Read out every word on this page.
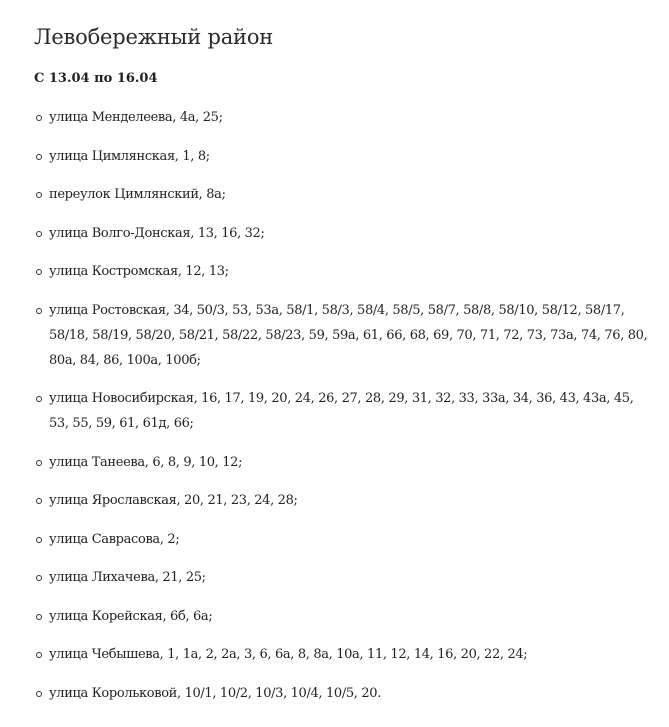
Левобережный район

С 13.04 по 16.04

улица Менделеева, 4а, 25;
улица Цимлянская, 1, 8;
переулок Цимлянский, 8а;
улица Волго-Донская, 13, 16, 32;
улица Костромская, 12, 13;
улица Ростовская, 34, 50/3, 53, 53а, 58/1, 58/3, 58/4, 58/5, 58/7, 58/8, 58/10, 58/12, 58/17, 58/18, 58/19, 58/20, 58/21, 58/22, 58/23, 59, 59а, 61, 66, 68, 69, 70, 71, 72, 73, 73а, 74, 76, 80, 80а, 84, 86, 100а, 100б;
улица Новосибирская, 16, 17, 19, 20, 24, 26, 27, 28, 29, 31, 32, 33, 33а, 34, 36, 43, 43а, 45, 53, 55, 59, 61, 61д, 66;
улица Танеева, 6, 8, 9, 10, 12;
улица Ярославская, 20, 21, 23, 24, 28;
улица Саврасова, 2;
улица Лихачева, 21, 25;
улица Корейская, 6б, 6а;
улица Чебышева, 1, 1а, 2, 2а, 3, 6, 6а, 8, 8а, 10а, 11, 12, 14, 16, 20, 22, 24;
улица Корольковой, 10/1, 10/2, 10/3, 10/4, 10/5, 20.
